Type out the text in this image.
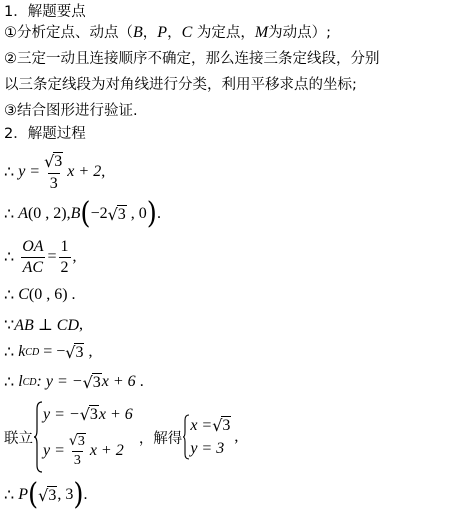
1．解题要点
①分析定点、动点（B，P，C 为定点，M为动点）;
②三定一动且连接顺序不确定，那么连接三条定线段，分别
以三条定线段为对角线进行分类，利用平移求点的坐标;
③结合图形进行验证.
2．解题过程
∴
$y = \frac{√ 3}{3}$ x + 2 ,
∴
A (0 , 2) , B ( −2 √ 3
, 0 ) .
∴
$\frac{OA}{AC} = \frac{1}{2}$ ,
∴
C (0 , 6)
.
∵ AB ⊥ CD ,
∴
k CD
= − √ 3
,
∴
l CD : y = − √ 3 x + 6
.
联立
y = − √ 3 x + 6
$y = \frac{√ 3}{3}$ x + 2
，解得
x = √ 3
y = 3
,
∴
P ( √ 3 , 3 ) .
